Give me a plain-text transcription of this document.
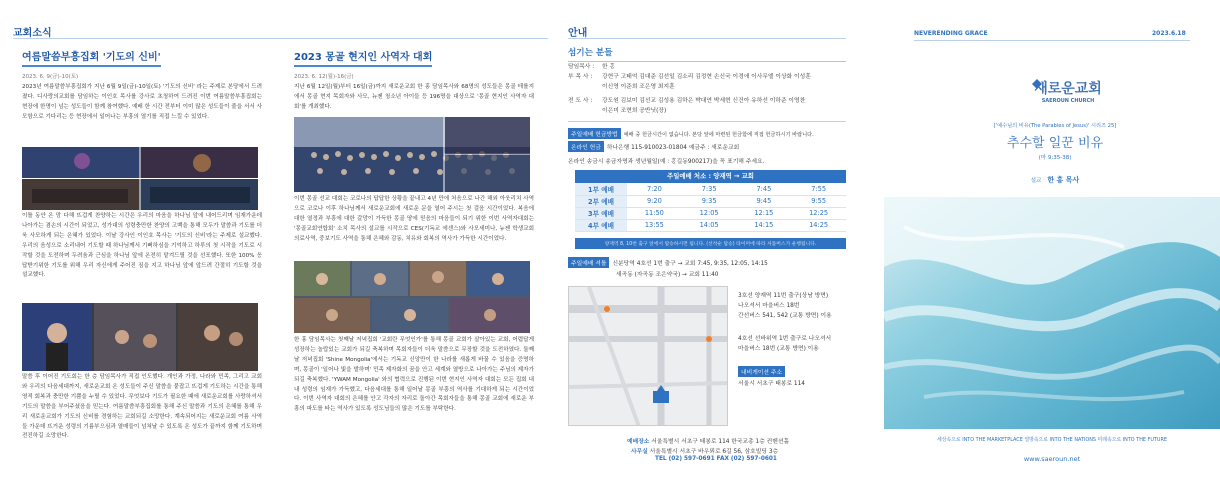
교회소식
여름말씀부흥집회 '기도의 신비'
2023. 6. 9(금)-10(토)
2023년 여름말씀부흥집회가 지난 6월 9일(금)-10일(토) '기도의 신비' 라는 주제로 본당에서 드려졌다. 디사랑의교회를 담임하는 이인호 목사를 강사로 초청하여 드려진 이번 여름말씀부흥집회는 현장에 한명이 넘는 성도들이 함께 참여했다. 예배 한 시간 전부터 이미 많은 성도들이 줄을 서서 사모함으로 기다리는 등 현장에서 일어나는 부흥의 열기를 직접 느낄 수 있었다.
이틀 동안 온 맘 다해 뜨겁게 찬양하는 시간은 우리의 마음을 하나님 앞에 내어드리며 임재가운데 나아가는 겸손의 시간이 되었고, 성가대의 성령충만한 찬양의 고백을 통해 모두가 말씀과 기도를 더욱 사모하게 되는 은혜가 있었다. 이날 강사인 이인호 목사는 '기도의 신비'라는 주제로 설교했다. 우리의 음성으로 소리내어 기도할 때 하나님께서 기뻐하심을 기억하고 하루의 첫 시작을 기도로 시작할 것을 도전하며 두려움과 근심을 하나님 앞에 온전히 맡겨드릴 것을 선포했다. 또한 100% 응답받기위한 기도를 위해 우리 자신에게 주어진 짐을 지고 하나님 앞에 앞드려 간절히 기도할 것을 설교했다.
말씀 후 이어진 기도회는 한 층 담임목사가 직접 인도했다. 개인과 가정, 나라와 민족, 그리고 교회와 우리의 다음세대까지, 새로운교회 온 성도들이 주신 말씀을 붙잡고 뜨겁게 기도하는 시간을 통해 영적 회복과 충만한 기쁨을 누릴 수 있었다. 무엇보다 기도가 필요한 때에 새로운교회를 사랑하셔서 기도의 말씀을 부어주셨음을 믿는다. 여름말씀부흥집회를 통해 주신 말씀과 기도의 은혜를 통해 우리 새로운교회가 기도의 신비를 경험하는 교회되길 소망한다. 계속되어지는 새로운교회 여름 사역들 가운데 뜨거운 성령의 기름부으심과 열매들이 넘쳐날 수 있도록 온 성도가 끝까지 함께 기도하며 전진하길 소망한다.
2023 몽골 현지인 사역자 대회
2023. 6. 12(월)-16(금)
지난 6월 12일(월)부터 16일(금)까지 새로운교회 한 홍 담임목사와 68명의 성도들은 몽골 테를지에서 몽골 현지 목회자와 사모, 뉴젠 청소년 아이들 등 196명을 대상으로 '몽골 현지인 사역자 대회'를 개최했다.
이번 몽골 선교 대회는 코로나의 답답한 상황을 끝내고 4년 만에 처음으로 나간 해외 아웃리치 사역으로 코로나 이후 하나님께서 새로운교회에 새로운 문을 열어 주시는 첫 걸음 시간이었다. 복음에 대한 열정과 부흥에 대한 갈망이 가득한 몽골 땅에 믿음의 마음들이 되기 위한 이번 사역자대회는 '몽골교회연합회' 소치 목사의 설교를 시작으로 CES(기독교 에센스)와 사모세미나, 뉴젠 학생교회 의료사역, 중보기도 사역을 통해 은혜와 감동, 치유와 회복의 역사가 가득한 시간이었다.
한 홍 담임목사는 첫째날 저녁집회 '교회란 무엇인가'를 통해 몽골 교회가 살아있는 교회, 어렵답게 성장하는 놀랍있는 교회가 되길 축복하며 목회자들이 더욱 말씀으로 무장할 것을 도전하였다. 둘째날 저녁집회 'Shine Mongolia'에서는 기독교 신앙만이 한 나라를 새롭게 바꿀 수 있음을 증명하며, 몽골이 '일어나 빛을 발하며' 민족 제자화의 꿈을 안고 세계와 열방으로 나아가는 주님의 제자가 되길 축복했다. 'YWAM Mongolia' 와의 협력으로 진행된 이번 현지인 사역자 대회는 모든 집회 내내 성령의 임재가 가득했고, 다음세대를 통해 일어날 몽골 부흥의 역사를 기대하게 되는 시간이었다. 이번 사역자 대회의 은혜를 안고 각자의 자리로 돌아간 목회자들을 통해 몽골 교회에 새로운 부흥의 파도를 타는 역사가 있도록 성도님들의 많은 기도를 부탁한다.
안내
섬기는 분들
담임목사 : 한 홍
부 목 사 : 강현구 고태억 김대준 김선일 김소리 김정현 손신국 이경애 이사무엘 이상화 이성훈
이신영 이준희 조은영 최지훈
전 도 사 : 강도원 김보미 김선교 김성용 김하은 박대연 박세현 신건아 유하선 이하준 이영찬
이은미 조현희 공반닛(장)
주일예배 헌금방법 예배 중 헌금시간이 없습니다. 본당 앞에 마련된 헌금함에 직접 헌금하시기 바랍니다.
온라인 헌금 하나은행 115-910023-01804 예금주 : 새로운교회
온라인 송금시 송금자명과 생년월일(예 : 홍길동900217)을 꼭 표기해 주세요.
주일예배 처소 : 양재역 → 교회
1부 예배	7:20	7:35	7:45	7:55
2부 예배	9:20	9:35	9:45	9:55
3부 예배	11:50	12:05	12:15	12:25
4부 예배	13:55	14:05	14:15	14:25
양재역 8, 10번 출구 앞에서 탑승하시면 됩니다. (선착순 탑승) 타이머에 따라 셔틀버스가 운행됩니다.
주일예배 셔틀 신분당역 4호선 1번 출구 → 교회 7:45, 9:35, 12:05, 14:15
새곡동 (자곡동 조은약국) → 교회 11:40
3호선 양재역 11번 출구(상남 방면)
나오셔서 마을버스 18번
간선버스 541, 542 (교통 방면) 이용
4호선 선바위역 1번 출구로 나오셔서
마을버스 18번 (교통 방면) 이용
내비게이션 주소
서울시 서초구 태봉로 114
예배장소 서울특별시 서초구 태봉로 114 한국교총 1층 컨벤션홀
사무실 서울특별시 서초구 바우뫼로 6길 56, 삼호빌딩 3층
TEL (02) 597-0691 FAX (02) 597-0601
NEVERENDING GRACE	2023.6.18
새로운교회
SAEROUN CHURCH
['예수님의 비유(The Parables of Jesus)' 시리즈 25]
추수할 일꾼 비유
(마 9:35-38)
설교 한 홍 목사
세상속으로 INTO THE MARKETPLACE 열방속으로 INTO THE NATIONS 미래속으로 INTO THE FUTURE
www.saeroun.net
